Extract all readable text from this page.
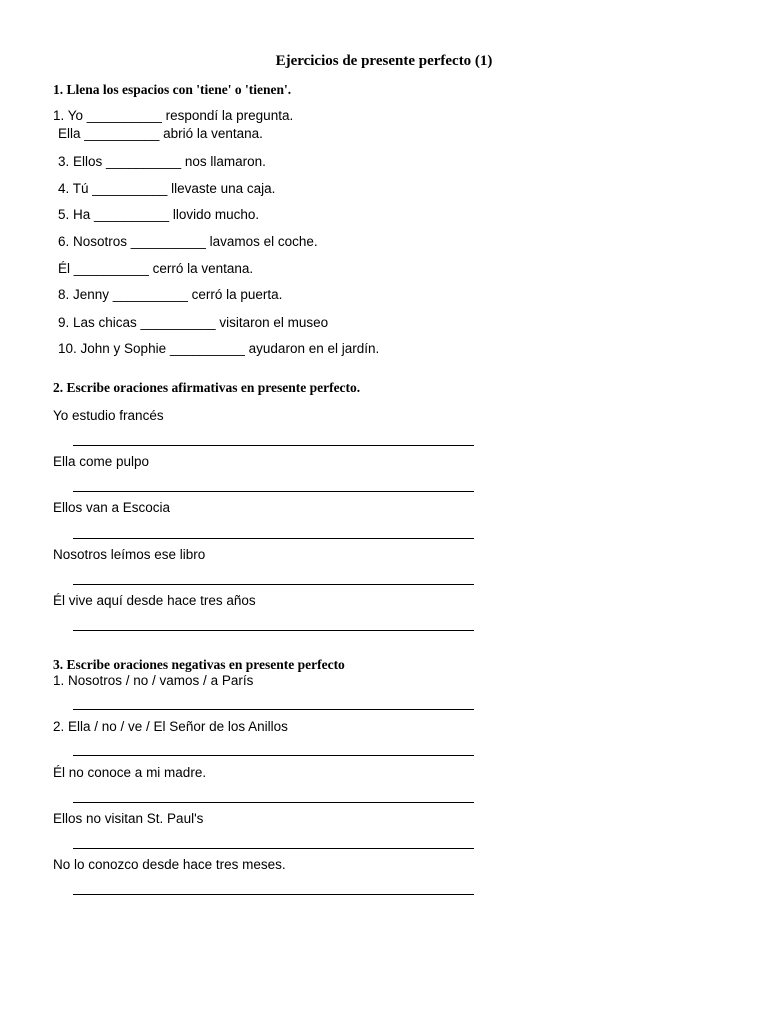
Ejercicios de presente perfecto (1)
1. Llena los espacios con 'tiene' o 'tienen'.
1. Yo __________ respondí la pregunta.
Ella __________ abrió la ventana.
3. Ellos __________ nos llamaron.
4. Tú __________ llevaste una caja.
5. Ha __________ llovido mucho.
6. Nosotros __________ lavamos el coche.
Él __________ cerró la ventana.
8. Jenny __________ cerró la puerta.
9. Las chicas __________ visitaron el museo
10. John y Sophie __________ ayudaron en el jardín.
2. Escribe oraciones afirmativas en presente perfecto.
Yo estudio francés
Ella come pulpo
Ellos van a Escocia
Nosotros leímos ese libro
Él vive aquí desde hace tres años
3. Escribe oraciones negativas en presente perfecto
1. Nosotros / no / vamos / a París
2. Ella / no / ve / El Señor de los Anillos
Él no conoce a mi madre.
Ellos no visitan St. Paul's
No lo conozco desde hace tres meses.
